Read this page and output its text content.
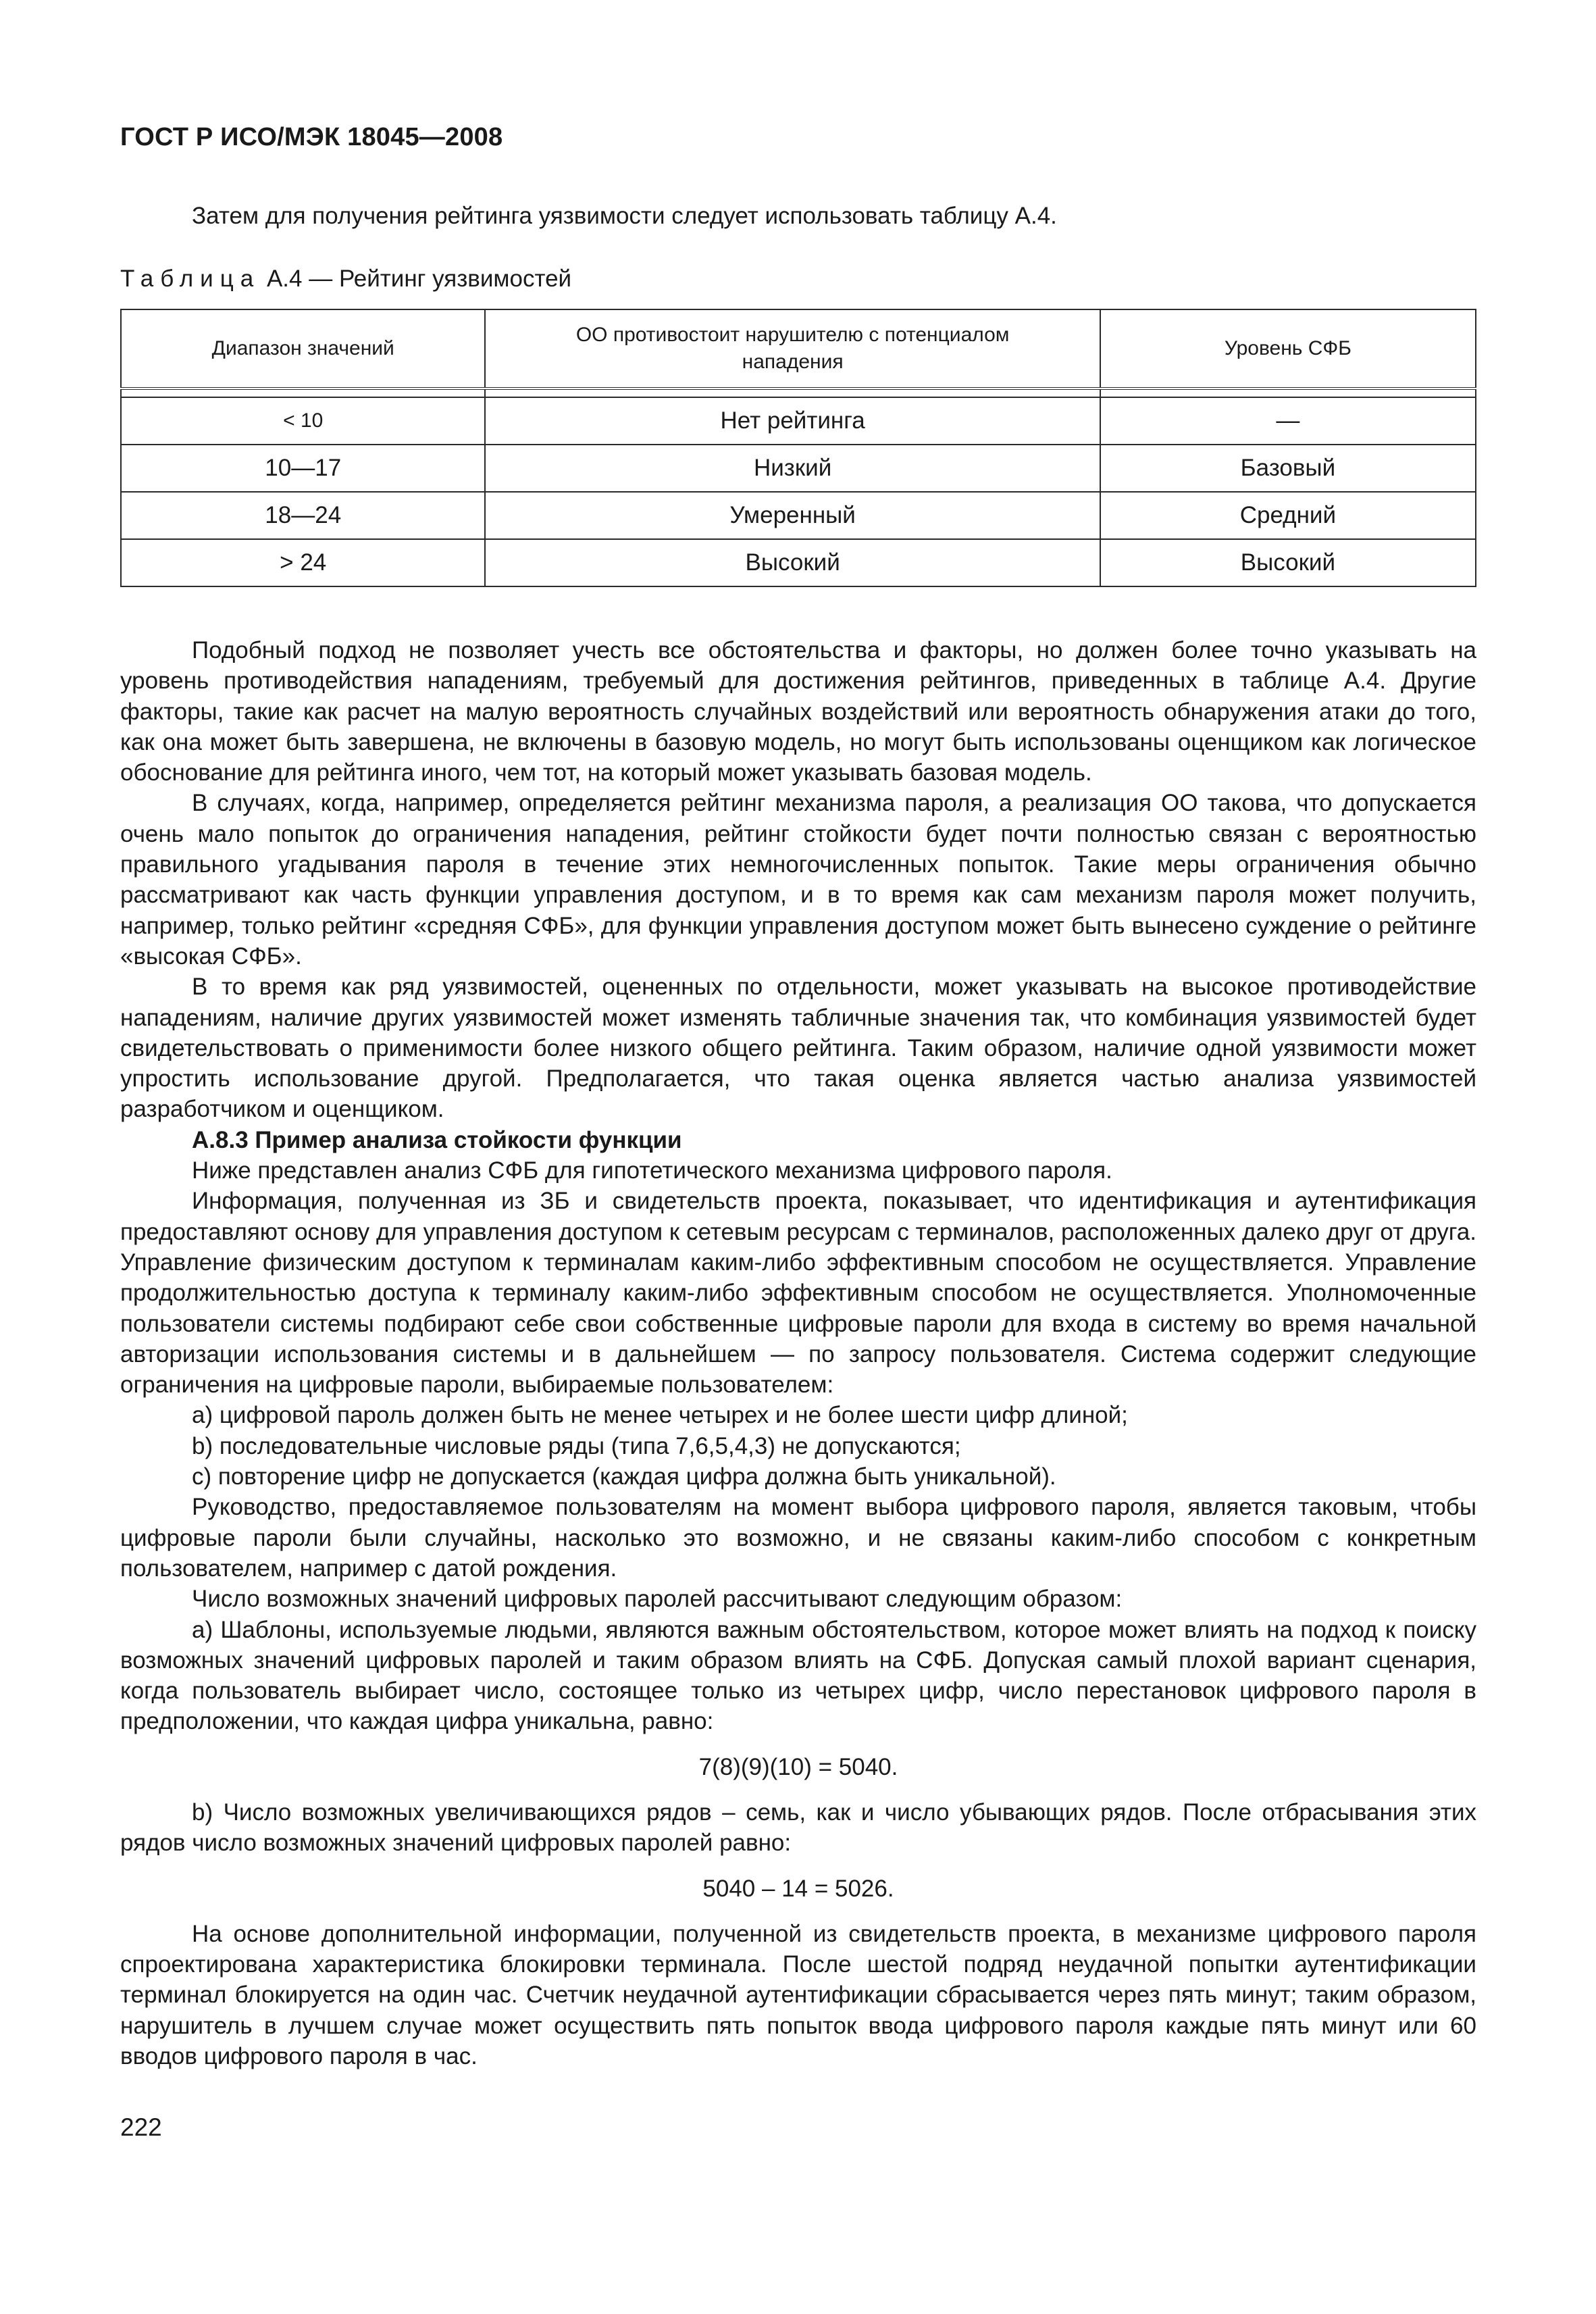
ГОСТ Р ИСО/МЭК 18045—2008
Затем для получения рейтинга уязвимости следует использовать таблицу А.4.
Таблица А.4 — Рейтинг уязвимостей
Диапазон значений	ОО противостоит нарушителю с потенциалом нападения	Уровень СФБ

< 10	Нет рейтинга	—
10—17	Низкий	Базовый
18—24	Умеренный	Средний
> 24	Высокий	Высокий

Подобный подход не позволяет учесть все обстоятельства и факторы, но должен более точно указывать на уровень противодействия нападениям, требуемый для достижения рейтингов, приведенных в таблице А.4. Другие факторы, такие как расчет на малую вероятность случайных воздействий или вероятность обнаружения атаки до того, как она может быть завершена, не включены в базовую модель, но могут быть использованы оценщиком как логическое обоснование для рейтинга иного, чем тот, на который может указывать базовая модель.

В случаях, когда, например, определяется рейтинг механизма пароля, а реализация ОО такова, что допускается очень мало попыток до ограничения нападения, рейтинг стойкости будет почти полностью связан с вероятностью правильного угадывания пароля в течение этих немногочисленных попыток. Такие меры ограничения обычно рассматривают как часть функции управления доступом, и в то время как сам механизм пароля может получить, например, только рейтинг «средняя СФБ», для функции управления доступом может быть вынесено суждение о рейтинге «высокая СФБ».

В то время как ряд уязвимостей, оцененных по отдельности, может указывать на высокое противодействие нападениям, наличие других уязвимостей может изменять табличные значения так, что комбинация уязвимостей будет свидетельствовать о применимости более низкого общего рейтинга. Таким образом, наличие одной уязвимости может упростить использование другой. Предполагается, что такая оценка является частью анализа уязвимостей разработчиком и оценщиком.

А.8.3 Пример анализа стойкости функции

Ниже представлен анализ СФБ для гипотетического механизма цифрового пароля.

Информация, полученная из ЗБ и свидетельств проекта, показывает, что идентификация и аутентификация предоставляют основу для управления доступом к сетевым ресурсам с терминалов, расположенных далеко друг от друга. Управление физическим доступом к терминалам каким-либо эффективным способом не осуществляется. Управление продолжительностью доступа к терминалу каким-либо эффективным способом не осуществляется. Уполномоченные пользователи системы подбирают себе свои собственные цифровые пароли для входа в систему во время начальной авторизации использования системы и в дальнейшем — по запросу пользователя. Система содержит следующие ограничения на цифровые пароли, выбираемые пользователем:

а) цифровой пароль должен быть не менее четырех и не более шести цифр длиной;

b) последовательные числовые ряды (типа 7,6,5,4,3) не допускаются;

с) повторение цифр не допускается (каждая цифра должна быть уникальной).

Руководство, предоставляемое пользователям на момент выбора цифрового пароля, является таковым, чтобы цифровые пароли были случайны, насколько это возможно, и не связаны каким-либо способом с конкретным пользователем, например с датой рождения.

Число возможных значений цифровых паролей рассчитывают следующим образом:

а) Шаблоны, используемые людьми, являются важным обстоятельством, которое может влиять на подход к поиску возможных значений цифровых паролей и таким образом влиять на СФБ. Допуская самый плохой вариант сценария, когда пользователь выбирает число, состоящее только из четырех цифр, число перестановок цифрового пароля в предположении, что каждая цифра уникальна, равно:

7(8)(9)(10) = 5040.

b) Число возможных увеличивающихся рядов – семь, как и число убывающих рядов. После отбрасывания этих рядов число возможных значений цифровых паролей равно:

5040 – 14 = 5026.

На основе дополнительной информации, полученной из свидетельств проекта, в механизме цифрового пароля спроектирована характеристика блокировки терминала. После шестой подряд неудачной попытки аутентификации терминал блокируется на один час. Счетчик неудачной аутентификации сбрасывается через пять минут; таким образом, нарушитель в лучшем случае может осуществить пять попыток ввода цифрового пароля каждые пять минут или 60 вводов цифрового пароля в час.

222
